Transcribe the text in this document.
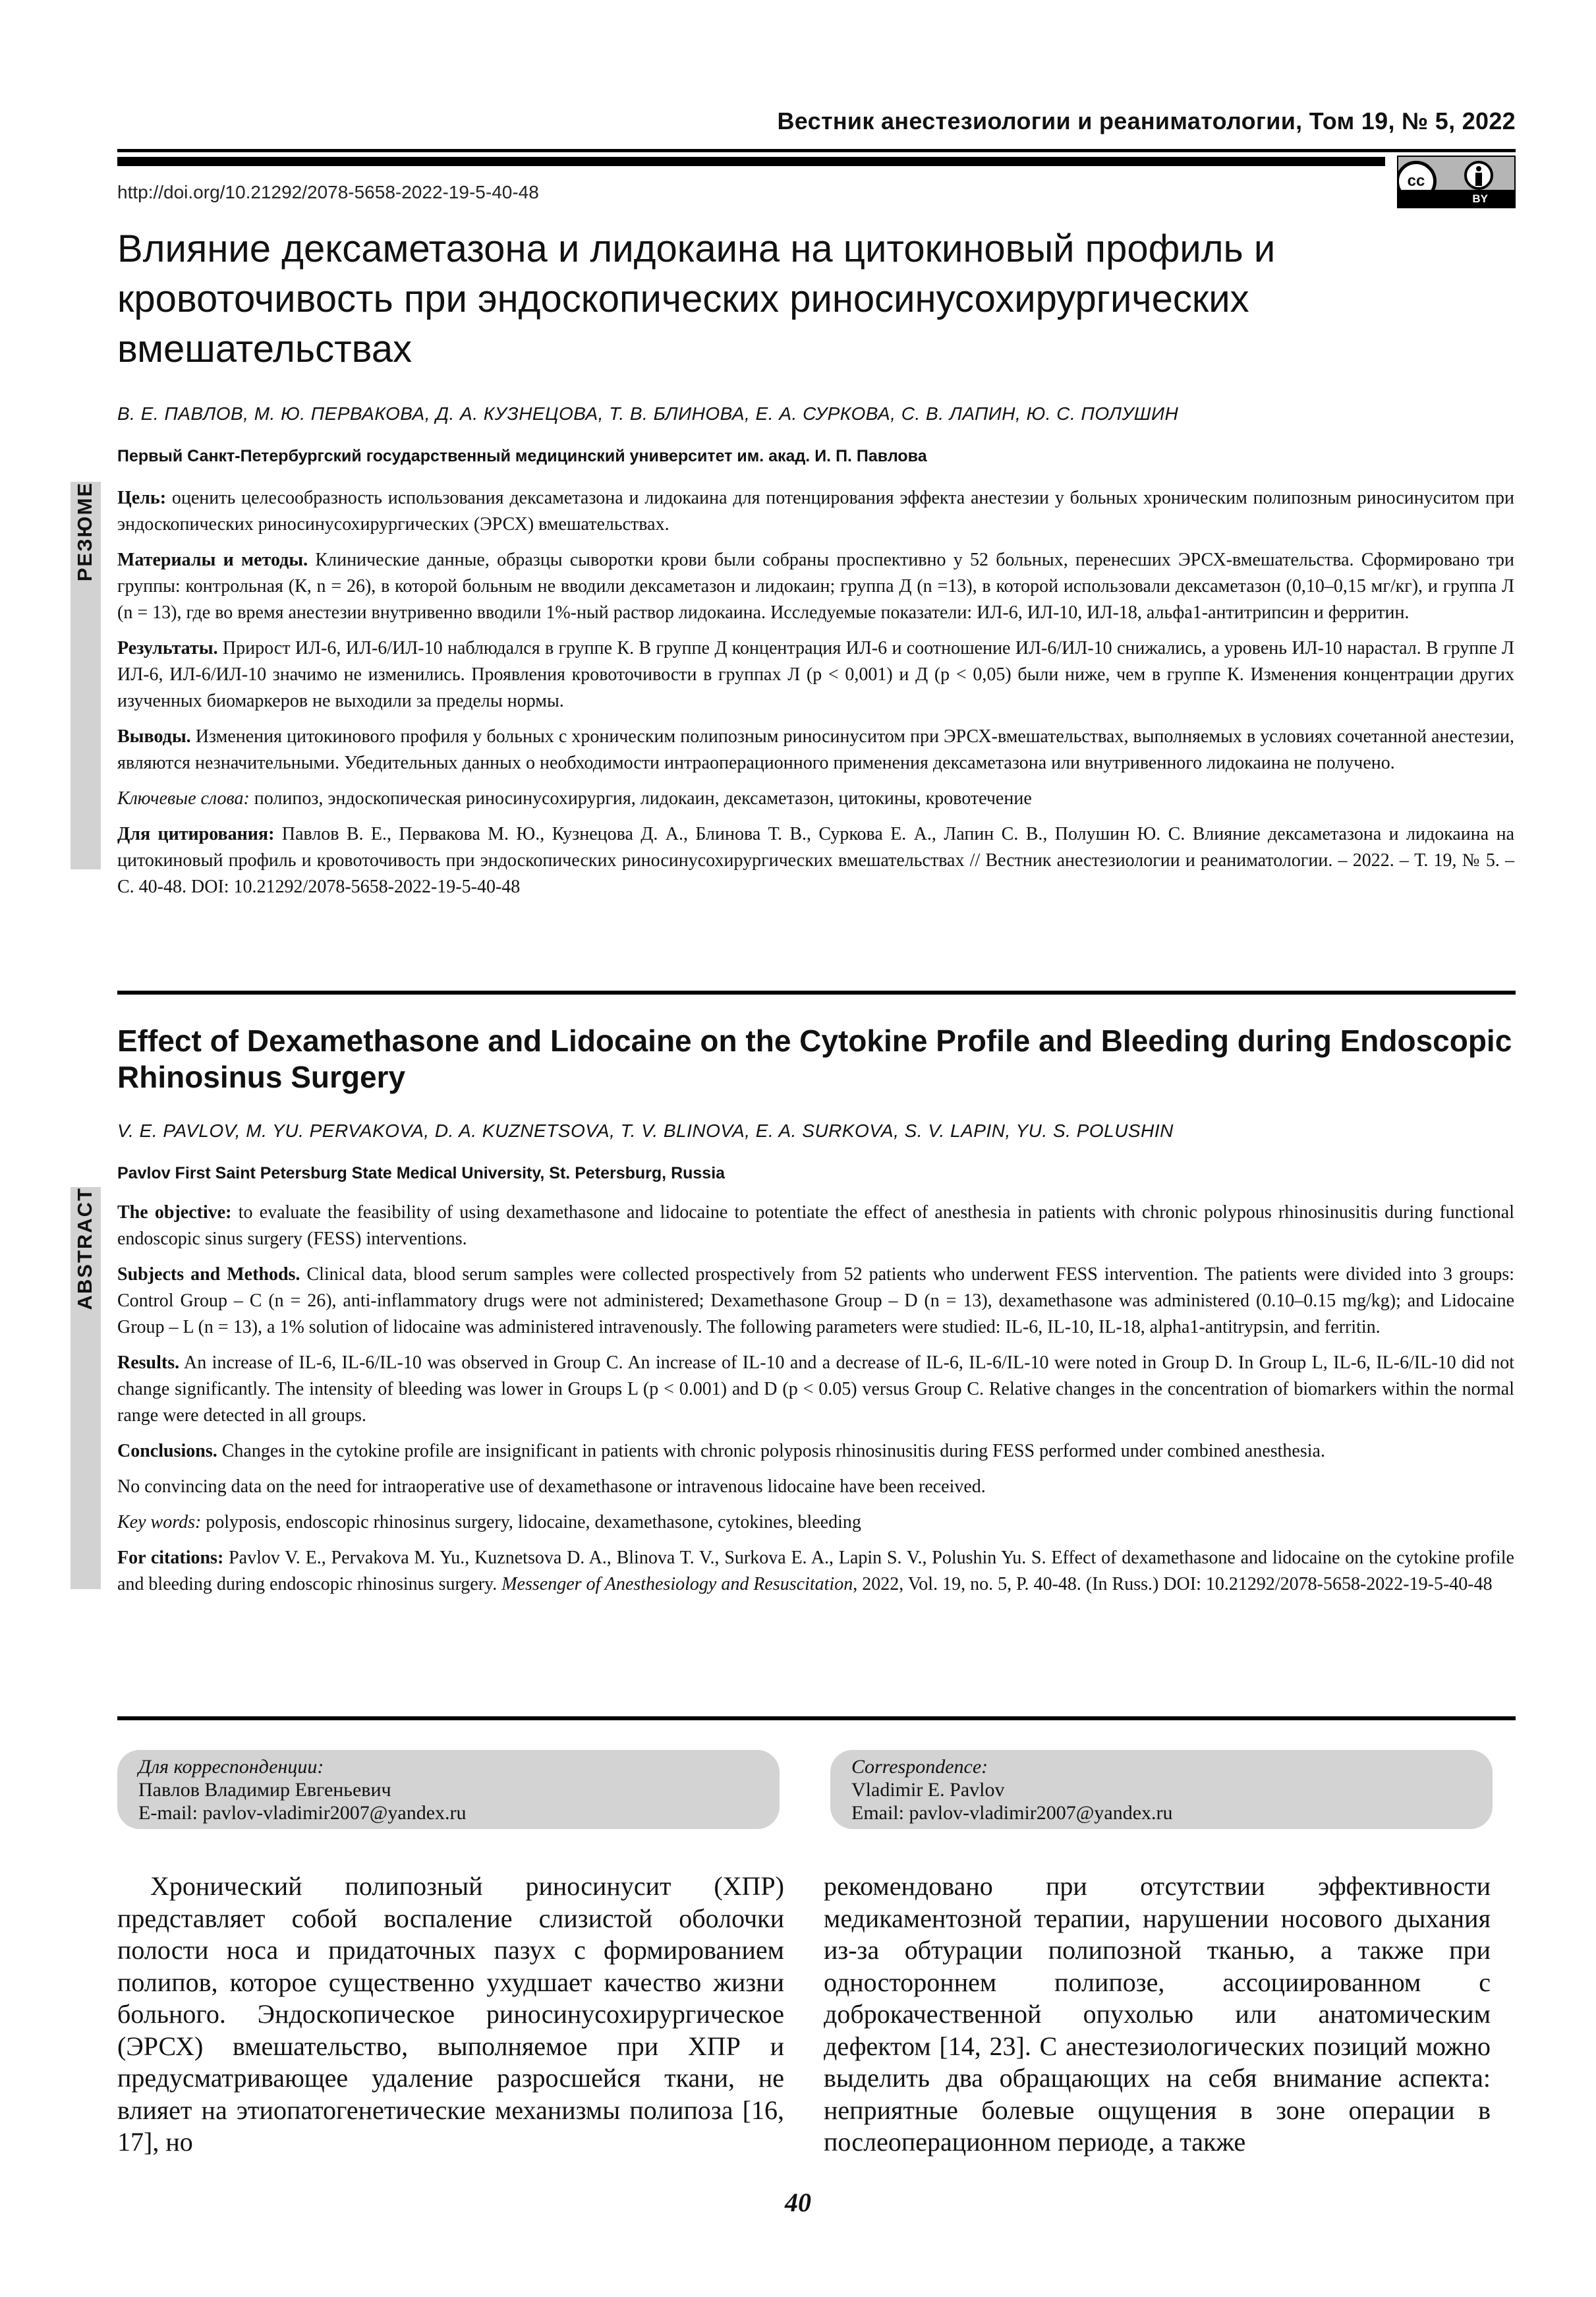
Вестник анестезиологии и реаниматологии, Том 19, № 5, 2022
http://doi.org/10.21292/2078-5658-2022-19-5-40-48
cc
BY
Влияние дексаметазона и лидокаина на цитокиновый профиль и кровоточивость при эндоскопических риносинусохирургических вмешательствах
В. Е. ПАВЛОВ, М. Ю. ПЕРВАКОВА, Д. А. КУЗНЕЦОВА, Т. В. БЛИНОВА, Е. А. СУРКОВА, С. В. ЛАПИН, Ю. С. ПОЛУШИН
Первый Санкт-Петербургский государственный медицинский университет им. акад. И. П. Павлова
РЕЗЮМЕ Цель: оценить целесообразность использования дексаметазона и лидокаина для потенцирования эффекта анестезии у больных хроническим полипозным риносинуситом при эндоскопических риносинусохирургических (ЭРСХ) вмешательствах.

Материалы и методы. Клинические данные, образцы сыворотки крови были собраны проспективно у 52 больных, перенесших ЭРСХ-вмешательства. Сформировано три группы: контрольная (К, n = 26), в которой больным не вводили дексаметазон и лидокаин; группа Д (n =13), в которой использовали дексаметазон (0,10–0,15 мг/кг), и группа Л (n = 13), где во время анестезии внутривенно вводили 1%-ный раствор лидокаина. Исследуемые показатели: ИЛ-6, ИЛ-10, ИЛ-18, альфа1-антитрипсин и ферритин.

Результаты. Прирост ИЛ-6, ИЛ-6/ИЛ-10 наблюдался в группе К. В группе Д концентрация ИЛ-6 и соотношение ИЛ-6/ИЛ-10 снижались, а уровень ИЛ-10 нарастал. В группе Л ИЛ-6, ИЛ-6/ИЛ-10 значимо не изменились. Проявления кровоточивости в группах Л (p < 0,001) и Д (p < 0,05) были ниже, чем в группе К. Изменения концентрации других изученных биомаркеров не выходили за пределы нормы.

Выводы. Изменения цитокинового профиля у больных с хроническим полипозным риносинуситом при ЭРСХ-вмешательствах, выполняемых в условиях сочетанной анестезии, являются незначительными. Убедительных данных о необходимости интраоперационного применения дексаметазона или внутривенного лидокаина не получено.

Ключевые слова: полипоз, эндоскопическая риносинусохирургия, лидокаин, дексаметазон, цитокины, кровотечение

Для цитирования: Павлов В. Е., Первакова М. Ю., Кузнецова Д. А., Блинова Т. В., Суркова Е. А., Лапин С. В., Полушин Ю. С. Влияние дексаметазона и лидокаина на цитокиновый профиль и кровоточивость при эндоскопических риносинусохирургических вмешательствах // Вестник анестезиологии и реаниматологии. – 2022. – Т. 19, № 5. – С. 40-48. DOI: 10.21292/2078-5658-2022-19-5-40-48

Effect of Dexamethasone and Lidocaine on the Cytokine Profile and Bleeding during Endoscopic Rhinosinus Surgery
V. E. PAVLOV, M. YU. PERVAKOVA, D. A. KUZNETSOVA, T. V. BLINOVA, E. A. SURKOVA, S. V. LAPIN, YU. S. POLUSHIN
Pavlov First Saint Petersburg State Medical University, St. Petersburg, Russia
ABSTRACT The objective: to evaluate the feasibility of using dexamethasone and lidocaine to potentiate the effect of anesthesia in patients with chronic polypous rhinosinusitis during functional endoscopic sinus surgery (FESS) interventions.

Subjects and Methods. Clinical data, blood serum samples were collected prospectively from 52 patients who underwent FESS intervention. The patients were divided into 3 groups: Control Group – C (n = 26), anti-inflammatory drugs were not administered; Dexamethasone Group – D (n = 13), dexamethasone was administered (0.10–0.15 mg/kg); and Lidocaine Group – L (n = 13), a 1% solution of lidocaine was administered intravenously. The following parameters were studied: IL-6, IL-10, IL-18, alpha1-antitrypsin, and ferritin.

Results. An increase of IL-6, IL-6/IL-10 was observed in Group C. An increase of IL-10 and a decrease of IL-6, IL-6/IL-10 were noted in Group D. In Group L, IL-6, IL-6/IL-10 did not change significantly. The intensity of bleeding was lower in Groups L (p < 0.001) and D (p < 0.05) versus Group C. Relative changes in the concentration of biomarkers within the normal range were detected in all groups.

Conclusions. Changes in the cytokine profile are insignificant in patients with chronic polyposis rhinosinusitis during FESS performed under combined anesthesia.

No convincing data on the need for intraoperative use of dexamethasone or intravenous lidocaine have been received.

Key words: polyposis, endoscopic rhinosinus surgery, lidocaine, dexamethasone, cytokines, bleeding

For citations: Pavlov V. E., Pervakova M. Yu., Kuznetsova D. A., Blinova T. V., Surkova E. A., Lapin S. V., Polushin Yu. S. Effect of dexamethasone and lidocaine on the cytokine profile and bleeding during endoscopic rhinosinus surgery. Messenger of Anesthesiology and Resuscitation, 2022, Vol. 19, no. 5, P. 40-48. (In Russ.) DOI: 10.21292/2078-5658-2022-19-5-40-48

Для корреспонденции:
Павлов Владимир Евгеньевич
E-mail: pavlov-vladimir2007@yandex.ru
Correspondence:
Vladimir E. Pavlov
Email: pavlov-vladimir2007@yandex.ru

Хронический полипозный риносинусит (ХПР) представляет собой воспаление слизистой оболочки полости носа и придаточных пазух с формированием полипов, которое существенно ухудшает качество жизни больного. Эндоскопическое риносинусохирургическое (ЭРСХ) вмешательство, выполняемое при ХПР и предусматривающее удаление разросшейся ткани, не влияет на этиопатогенетические механизмы полипоза [16, 17], но

рекомендовано при отсутствии эффективности медикаментозной терапии, нарушении носового дыхания из-за обтурации полипозной тканью, а также при одностороннем полипозе, ассоциированном с доброкачественной опухолью или анатомическим дефектом [14, 23]. С анестезиологических позиций можно выделить два обращающих на себя внимание аспекта: неприятные болевые ощущения в зоне операции в послеоперационном периоде, а также

40
